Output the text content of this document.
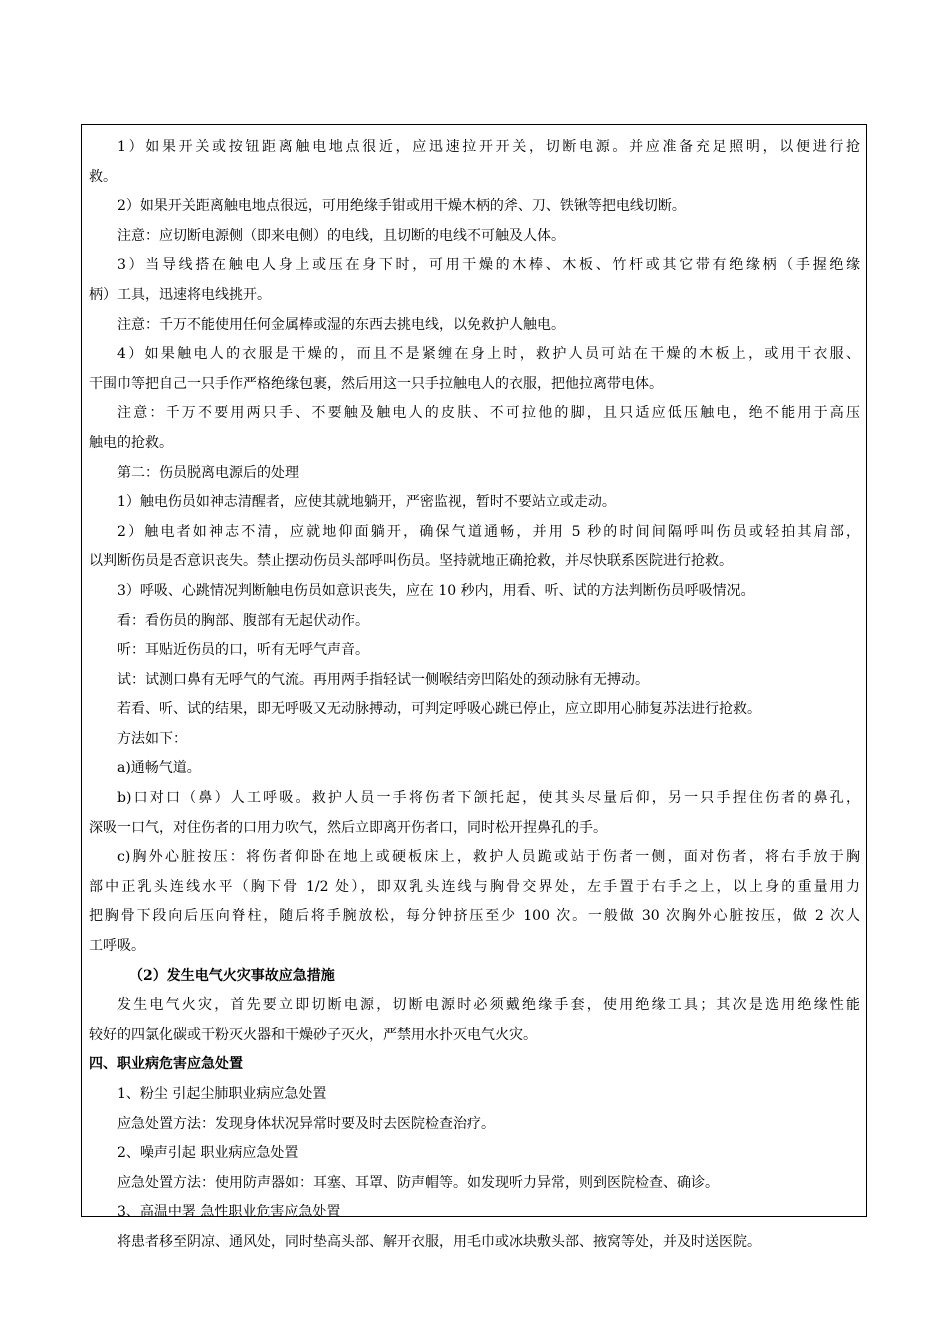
1）如果开关或按钮距离触电地点很近，应迅速拉开开关，切断电源。并应准备充足照明，以便进行抢
救。
2）如果开关距离触电地点很远，可用绝缘手钳或用干燥木柄的斧、刀、铁锹等把电线切断。
注意：应切断电源侧（即来电侧）的电线，且切断的电线不可触及人体。
3）当导线搭在触电人身上或压在身下时，可用干燥的木棒、木板、竹杆或其它带有绝缘柄（手握绝缘
柄）工具，迅速将电线挑开。
注意：千万不能使用任何金属棒或湿的东西去挑电线，以免救护人触电。
4）如果触电人的衣服是干燥的，而且不是紧缠在身上时，救护人员可站在干燥的木板上，或用干衣服、
干围巾等把自己一只手作严格绝缘包裹，然后用这一只手拉触电人的衣服，把他拉离带电体。
注意：千万不要用两只手、不要触及触电人的皮肤、不可拉他的脚，且只适应低压触电，绝不能用于高压
触电的抢救。
第二：伤员脱离电源后的处理
1）触电伤员如神志清醒者，应使其就地躺开，严密监视，暂时不要站立或走动。
2）触电者如神志不清，应就地仰面躺开，确保气道通畅，并用 5 秒的时间间隔呼叫伤员或轻拍其肩部，
以判断伤员是否意识丧失。禁止摆动伤员头部呼叫伤员。坚持就地正确抢救，并尽快联系医院进行抢救。
3）呼吸、心跳情况判断触电伤员如意识丧失，应在 10 秒内，用看、听、试的方法判断伤员呼吸情况。
看：看伤员的胸部、腹部有无起伏动作。
听：耳贴近伤员的口，听有无呼气声音。
试：试测口鼻有无呼气的气流。再用两手指轻试一侧喉结旁凹陷处的颈动脉有无搏动。
若看、听、试的结果，即无呼吸又无动脉搏动，可判定呼吸心跳已停止，应立即用心肺复苏法进行抢救。
方法如下：
a)通畅气道。
b)口对口（鼻）人工呼吸。救护人员一手将伤者下颌托起，使其头尽量后仰，另一只手捏住伤者的鼻孔，
深吸一口气，对住伤者的口用力吹气，然后立即离开伤者口，同时松开捏鼻孔的手。
c)胸外心脏按压：将伤者仰卧在地上或硬板床上，救护人员跪或站于伤者一侧，面对伤者，将右手放于胸
部中正乳头连线水平（胸下骨 1/2 处），即双乳头连线与胸骨交界处，左手置于右手之上，以上身的重量用力
把胸骨下段向后压向脊柱，随后将手腕放松，每分钟挤压至少 100 次。一般做 30 次胸外心脏按压，做 2 次人
工呼吸。
（2）发生电气火灾事故应急措施
发生电气火灾，首先要立即切断电源，切断电源时必须戴绝缘手套，使用绝缘工具；其次是选用绝缘性能
较好的四氯化碳或干粉灭火器和干燥砂子灭火，严禁用水扑灭电气火灾。
四、职业病危害应急处置
1、粉尘 引起尘肺职业病应急处置
应急处置方法：发现身体状况异常时要及时去医院检查治疗。
2、噪声引起 职业病应急处置
应急处置方法：使用防声器如：耳塞、耳罩、防声帽等。如发现听力异常，则到医院检查、确诊。
3、高温中署 急性职业危害应急处置
将患者移至阴凉、通风处，同时垫高头部、解开衣服，用毛巾或冰块敷头部、掖窝等处，并及时送医院。
